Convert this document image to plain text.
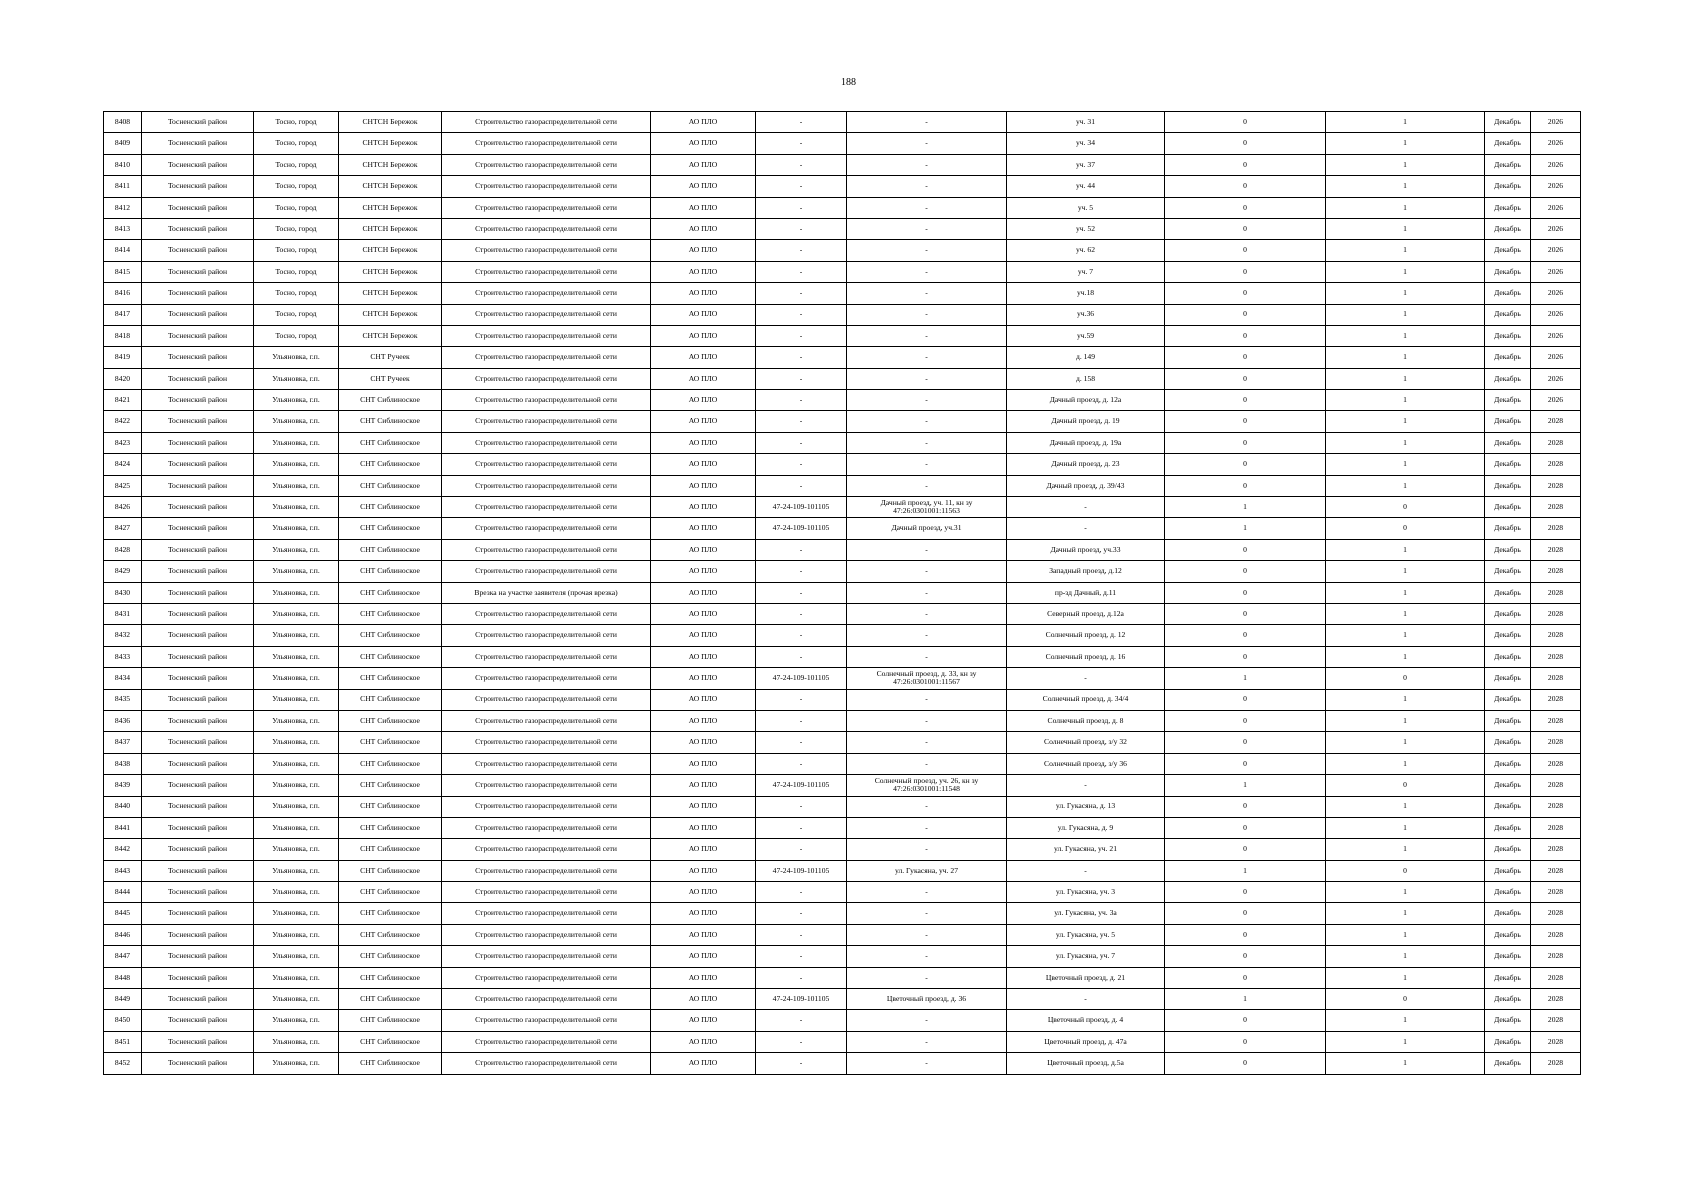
188
8408	Тосненский район	Тосно, город	СНТСН Бережок	Строительство газораспределительной сети	АО ПЛО	-	-	уч. 31	0	1	Декабрь	2026
8409	Тосненский район	Тосно, город	СНТСН Бережок	Строительство газораспределительной сети	АО ПЛО	-	-	уч. 34	0	1	Декабрь	2026
8410	Тосненский район	Тосно, город	СНТСН Бережок	Строительство газораспределительной сети	АО ПЛО	-	-	уч. 37	0	1	Декабрь	2026
8411	Тосненский район	Тосно, город	СНТСН Бережок	Строительство газораспределительной сети	АО ПЛО	-	-	уч. 44	0	1	Декабрь	2026
8412	Тосненский район	Тосно, город	СНТСН Бережок	Строительство газораспределительной сети	АО ПЛО	-	-	уч. 5	0	1	Декабрь	2026
8413	Тосненский район	Тосно, город	СНТСН Бережок	Строительство газораспределительной сети	АО ПЛО	-	-	уч. 52	0	1	Декабрь	2026
8414	Тосненский район	Тосно, город	СНТСН Бережок	Строительство газораспределительной сети	АО ПЛО	-	-	уч. 62	0	1	Декабрь	2026
8415	Тосненский район	Тосно, город	СНТСН Бережок	Строительство газораспределительной сети	АО ПЛО	-	-	уч. 7	0	1	Декабрь	2026
8416	Тосненский район	Тосно, город	СНТСН Бережок	Строительство газораспределительной сети	АО ПЛО	-	-	уч.18	0	1	Декабрь	2026
8417	Тосненский район	Тосно, город	СНТСН Бережок	Строительство газораспределительной сети	АО ПЛО	-	-	уч.36	0	1	Декабрь	2026
8418	Тосненский район	Тосно, город	СНТСН Бережок	Строительство газораспределительной сети	АО ПЛО	-	-	уч.59	0	1	Декабрь	2026
8419	Тосненский район	Ульяновка, г.п.	СНТ Ручеек	Строительство газораспределительной сети	АО ПЛО	-	-	д. 149	0	1	Декабрь	2026
8420	Тосненский район	Ульяновка, г.п.	СНТ Ручеек	Строительство газораспределительной сети	АО ПЛО	-	-	д. 158	0	1	Декабрь	2026
8421	Тосненский район	Ульяновка, г.п.	СНТ Сиблиноское	Строительство газораспределительной сети	АО ПЛО	-	-	Дачный проезд, д. 12а	0	1	Декабрь	2026
8422	Тосненский район	Ульяновка, г.п.	СНТ Сиблиноское	Строительство газораспределительной сети	АО ПЛО	-	-	Дачный проезд, д. 19	0	1	Декабрь	2028
8423	Тосненский район	Ульяновка, г.п.	СНТ Сиблиноское	Строительство газораспределительной сети	АО ПЛО	-	-	Дачный проезд, д. 19а	0	1	Декабрь	2028
8424	Тосненский район	Ульяновка, г.п.	СНТ Сиблиноское	Строительство газораспределительной сети	АО ПЛО	-	-	Дачный проезд, д. 23	0	1	Декабрь	2028
8425	Тосненский район	Ульяновка, г.п.	СНТ Сиблиноское	Строительство газораспределительной сети	АО ПЛО	-	-	Дачный проезд, д. 39/43	0	1	Декабрь	2028
8426	Тосненский район	Ульяновка, г.п.	СНТ Сиблиноское	Строительство газораспределительной сети	АО ПЛО	47-24-109-101105	Дачный проезд, уч. 11, кн зу 47:26:0301001:11563	-	1	0	Декабрь	2028
8427	Тосненский район	Ульяновка, г.п.	СНТ Сиблиноское	Строительство газораспределительной сети	АО ПЛО	47-24-109-101105	Дачный проезд, уч.31	-	1	0	Декабрь	2028
8428	Тосненский район	Ульяновка, г.п.	СНТ Сиблиноское	Строительство газораспределительной сети	АО ПЛО	-	-	Дачный проезд, уч.33	0	1	Декабрь	2028
8429	Тосненский район	Ульяновка, г.п.	СНТ Сиблиноское	Строительство газораспределительной сети	АО ПЛО	-	-	Западный проезд, д.12	0	1	Декабрь	2028
8430	Тосненский район	Ульяновка, г.п.	СНТ Сиблиноское	Врезка на участке заявителя (прочая врезка)	АО ПЛО	-	-	пр-зд Дачный, д.11	0	1	Декабрь	2028
8431	Тосненский район	Ульяновка, г.п.	СНТ Сиблиноское	Строительство газораспределительной сети	АО ПЛО	-	-	Северный проезд, д.12а	0	1	Декабрь	2028
8432	Тосненский район	Ульяновка, г.п.	СНТ Сиблиноское	Строительство газораспределительной сети	АО ПЛО	-	-	Солнечный проезд, д. 12	0	1	Декабрь	2028
8433	Тосненский район	Ульяновка, г.п.	СНТ Сиблиноское	Строительство газораспределительной сети	АО ПЛО	-	-	Солнечный проезд, д. 16	0	1	Декабрь	2028
8434	Тосненский район	Ульяновка, г.п.	СНТ Сиблиноское	Строительство газораспределительной сети	АО ПЛО	47-24-109-101105	Солнечный проезд, д. 33, кн зу 47:26:0301001:11567	-	1	0	Декабрь	2028
8435	Тосненский район	Ульяновка, г.п.	СНТ Сиблиноское	Строительство газораспределительной сети	АО ПЛО	-	-	Солнечный проезд, д. 34/4	0	1	Декабрь	2028
8436	Тосненский район	Ульяновка, г.п.	СНТ Сиблиноское	Строительство газораспределительной сети	АО ПЛО	-	-	Солнечный проезд, д. 8	0	1	Декабрь	2028
8437	Тосненский район	Ульяновка, г.п.	СНТ Сиблиноское	Строительство газораспределительной сети	АО ПЛО	-	-	Солнечный проезд, з/у 32	0	1	Декабрь	2028
8438	Тосненский район	Ульяновка, г.п.	СНТ Сиблиноское	Строительство газораспределительной сети	АО ПЛО	-	-	Солнечный проезд, з/у 36	0	1	Декабрь	2028
8439	Тосненский район	Ульяновка, г.п.	СНТ Сиблиноское	Строительство газораспределительной сети	АО ПЛО	47-24-109-101105	Солнечный проезд, уч. 26, кн зу 47:26:0301001:11548	-	1	0	Декабрь	2028
8440	Тосненский район	Ульяновка, г.п.	СНТ Сиблиноское	Строительство газораспределительной сети	АО ПЛО	-	-	ул. Гукасяна, д. 13	0	1	Декабрь	2028
8441	Тосненский район	Ульяновка, г.п.	СНТ Сиблиноское	Строительство газораспределительной сети	АО ПЛО	-	-	ул. Гукасяна, д. 9	0	1	Декабрь	2028
8442	Тосненский район	Ульяновка, г.п.	СНТ Сиблиноское	Строительство газораспределительной сети	АО ПЛО	-	-	ул. Гукасяна, уч. 21	0	1	Декабрь	2028
8443	Тосненский район	Ульяновка, г.п.	СНТ Сиблиноское	Строительство газораспределительной сети	АО ПЛО	47-24-109-101105	ул. Гукасяна, уч. 27	-	1	0	Декабрь	2028
8444	Тосненский район	Ульяновка, г.п.	СНТ Сиблиноское	Строительство газораспределительной сети	АО ПЛО	-	-	ул. Гукасяна, уч. 3	0	1	Декабрь	2028
8445	Тосненский район	Ульяновка, г.п.	СНТ Сиблиноское	Строительство газораспределительной сети	АО ПЛО	-	-	ул. Гукасяна, уч. 3а	0	1	Декабрь	2028
8446	Тосненский район	Ульяновка, г.п.	СНТ Сиблиноское	Строительство газораспределительной сети	АО ПЛО	-	-	ул. Гукасяна, уч. 5	0	1	Декабрь	2028
8447	Тосненский район	Ульяновка, г.п.	СНТ Сиблиноское	Строительство газораспределительной сети	АО ПЛО	-	-	ул. Гукасяна, уч. 7	0	1	Декабрь	2028
8448	Тосненский район	Ульяновка, г.п.	СНТ Сиблиноское	Строительство газораспределительной сети	АО ПЛО	-	-	Цветочный проезд, д. 21	0	1	Декабрь	2028
8449	Тосненский район	Ульяновка, г.п.	СНТ Сиблиноское	Строительство газораспределительной сети	АО ПЛО	47-24-109-101105	Цветочный проезд, д. 36	-	1	0	Декабрь	2028
8450	Тосненский район	Ульяновка, г.п.	СНТ Сиблиноское	Строительство газораспределительной сети	АО ПЛО	-	-	Цветочный проезд, д. 4	0	1	Декабрь	2028
8451	Тосненский район	Ульяновка, г.п.	СНТ Сиблиноское	Строительство газораспределительной сети	АО ПЛО	-	-	Цветочный проезд, д. 47а	0	1	Декабрь	2028
8452	Тосненский район	Ульяновка, г.п.	СНТ Сиблиноское	Строительство газораспределительной сети	АО ПЛО	-	-	Цветочный проезд, д.5а	0	1	Декабрь	2028
